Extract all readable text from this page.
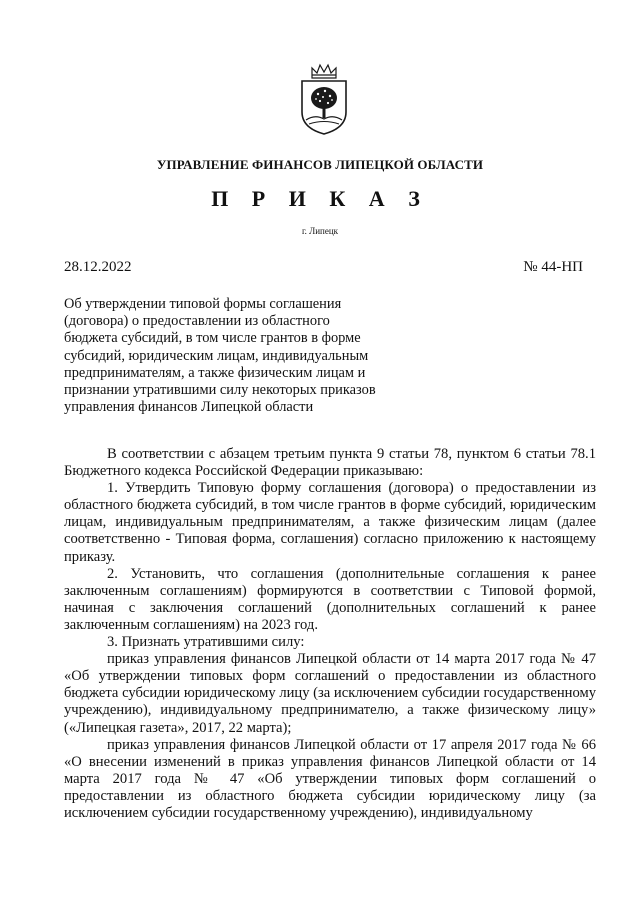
УПРАВЛЕНИЕ ФИНАНСОВ ЛИПЕЦКОЙ ОБЛАСТИ
П Р И К А З
г. Липецк
28.12.2022	№ 44-НП
Об утверждении типовой формы соглашения
(договора) о предоставлении из областного
бюджета субсидий, в том числе грантов в форме
субсидий, юридическим лицам, индивидуальным
предпринимателям, а также физическим лицам и
признании утратившими силу некоторых приказов
управления финансов Липецкой области

В соответствии с абзацем третьим пункта 9 статьи 78, пунктом 6 статьи 78.1 Бюджетного кодекса Российской Федерации приказываю:

1. Утвердить Типовую форму соглашения (договора) о предоставлении из областного бюджета субсидий, в том числе грантов в форме субсидий, юридическим лицам, индивидуальным предпринимателям, а также физическим лицам (далее соответственно - Типовая форма, соглашения) согласно приложению к настоящему приказу.

2. Установить, что соглашения (дополнительные соглашения к ранее заключенным соглашениям) формируются в соответствии с Типовой формой, начиная с заключения соглашений (дополнительных соглашений к ранее заключенным соглашениям) на 2023 год.

3. Признать утратившими силу:

приказ управления финансов Липецкой области от 14 марта 2017 года № 47 «Об утверждении типовых форм соглашений о предоставлении из областного бюджета субсидии юридическому лицу (за исключением субсидии государственному учреждению), индивидуальному предпринимателю, а также физическому лицу» («Липецкая газета», 2017, 22 марта);

приказ управления финансов Липецкой области от 17 апреля 2017 года № 66 «О внесении изменений в приказ управления финансов Липецкой области от 14 марта 2017 года № 47 «Об утверждении типовых форм соглашений о предоставлении из областного бюджета субсидии юридическому лицу (за исключением субсидии государственному учреждению), индивидуальному
